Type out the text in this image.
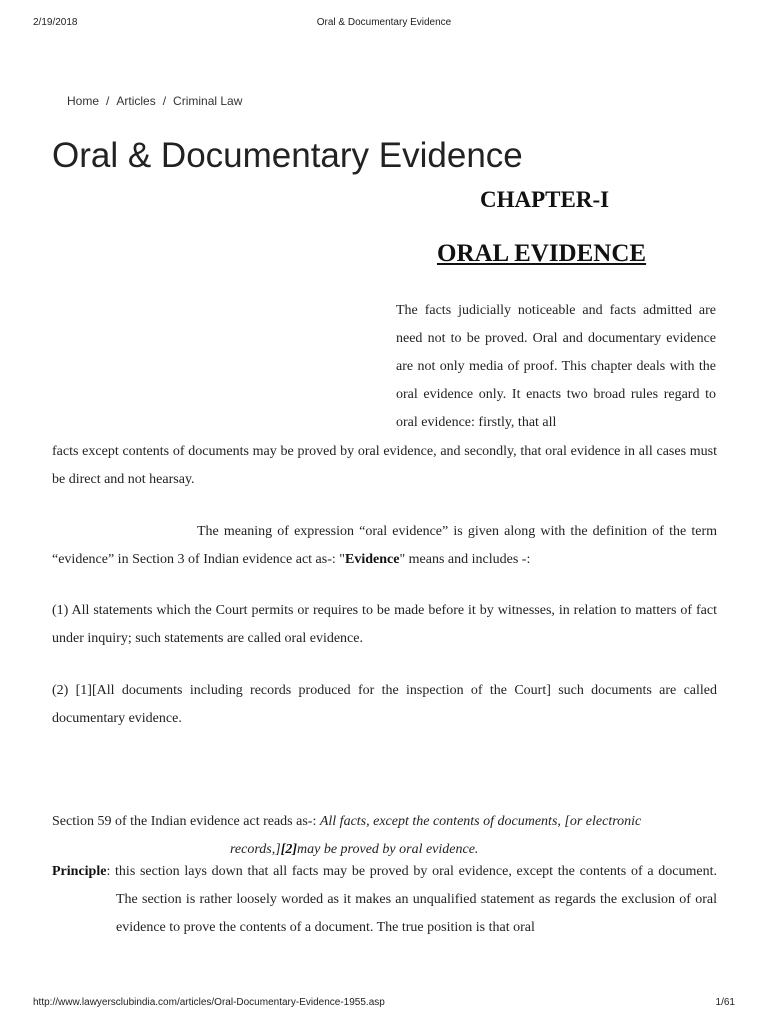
2/19/2018	Oral & Documentary Evidence
Home / Articles / Criminal Law
Oral & Documentary Evidence
CHAPTER-I
ORAL EVIDENCE

The facts judicially noticeable and facts admitted are need not to be proved. Oral and documentary evidence are not only media of proof. This chapter deals with the oral evidence only. It enacts two broad rules regard to oral evidence: firstly, that all

facts except contents of documents may be proved by oral evidence, and secondly, that oral evidence in all cases must be direct and not hearsay.

The meaning of expression “oral evidence” is given along with the definition of the term “evidence” in Section 3 of Indian evidence act as-: "Evidence" means and includes -:

(1) All statements which the Court permits or requires to be made before it by witnesses, in relation to matters of fact under inquiry; such statements are called oral evidence.

(2) [1][All documents including records produced for the inspection of the Court] such documents are called documentary evidence.

Section 59 of the Indian evidence act reads as-: All facts, except the contents of documents, [or electronic
records,][2]may be proved by oral evidence.

Principle: this section lays down that all facts may be proved by oral evidence, except the contents of a document. The section is rather loosely worded as it makes an unqualified statement as regards the exclusion of oral evidence to prove the contents of a document. The true position is that oral

http://www.lawyersclubindia.com/articles/Oral-Documentary-Evidence-1955.asp	1/61
